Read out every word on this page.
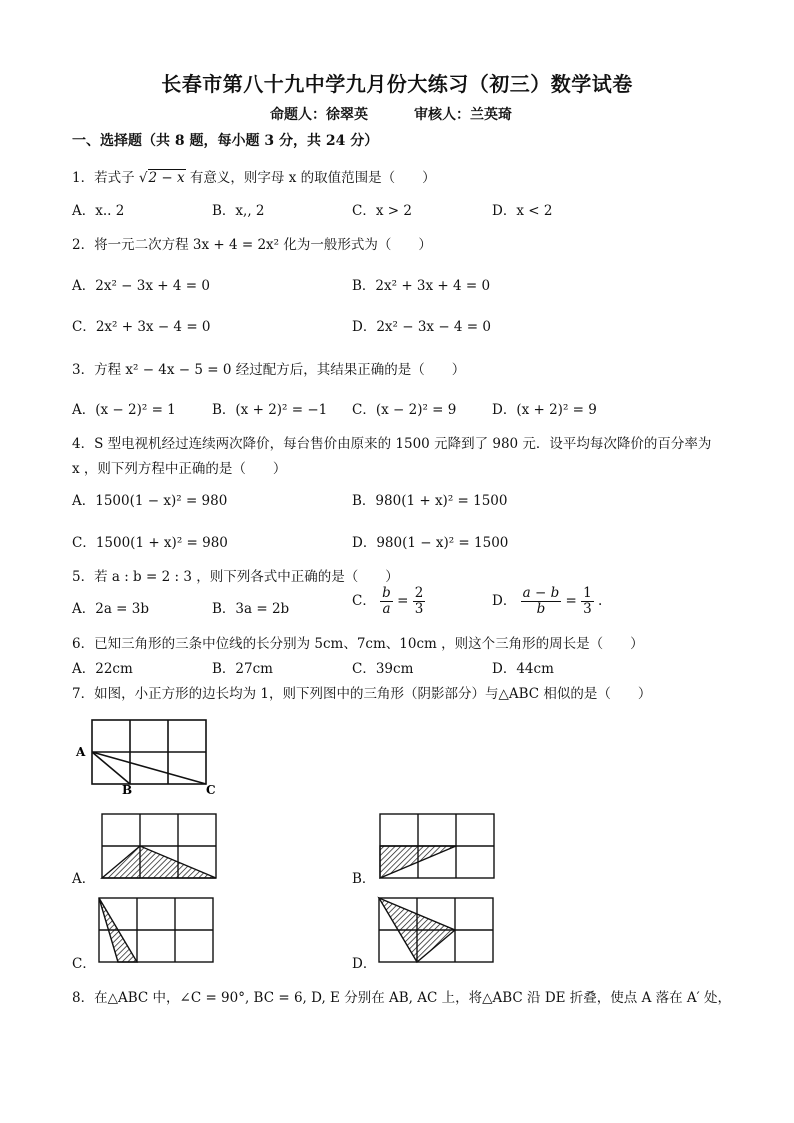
长春市第八十九中学九月份大练习（初三）数学试卷
命题人：徐翠英	审核人：兰英琦
一、选择题（共 8 题，每小题 3 分，共 24 分）
1．若式子 √2 − x 有意义，则字母 x 的取值范围是（　　）
A．x.. 2	B．x,, 2	C．x > 2	D．x < 2
2．将一元二次方程 3x + 4 = 2x² 化为一般形式为（　　）
A．2x² − 3x + 4 = 0	B．2x² + 3x + 4 = 0
C．2x² + 3x − 4 = 0	D．2x² − 3x − 4 = 0
3．方程 x² − 4x − 5 = 0 经过配方后，其结果正确的是（　　）
A．(x − 2)² = 1	B．(x + 2)² = −1 C．(x − 2)² = 9	D．(x + 2)² = 9
4．S 型电视机经过连续两次降价，每台售价由原来的 1500 元降到了 980 元．设平均每次降价的百分率为
x ，则下列方程中正确的是（　　）
A．1500(1 − x)² = 980	B．980(1 + x)² = 1500
C．1500(1 + x)² = 980	D．980(1 − x)² = 1500
5．若 a : b = 2 : 3 ，则下列各式中正确的是（　　）
A．2a = 3b	B．3a = 2b	C． $\frac{b}{a} = \frac{2}{3}$	D． $\frac{a - b}{b} = \frac{1}{3}$ .
6．已知三角形的三条中位线的长分别为 5cm、7cm、10cm ，则这个三角形的周长是（　　）
A．22cm	B．27cm	C．39cm	D．44cm
7．如图，小正方形的边长均为 1，则下列图中的三角形（阴影部分）与△ABC 相似的是（　　）
A
B	C
A．	B．
C．	D．
8．在△ABC 中，∠C = 90°, BC = 6, D, E 分别在 AB, AC 上，将△ABC 沿 DE 折叠，使点 A 落在 A′ 处，
